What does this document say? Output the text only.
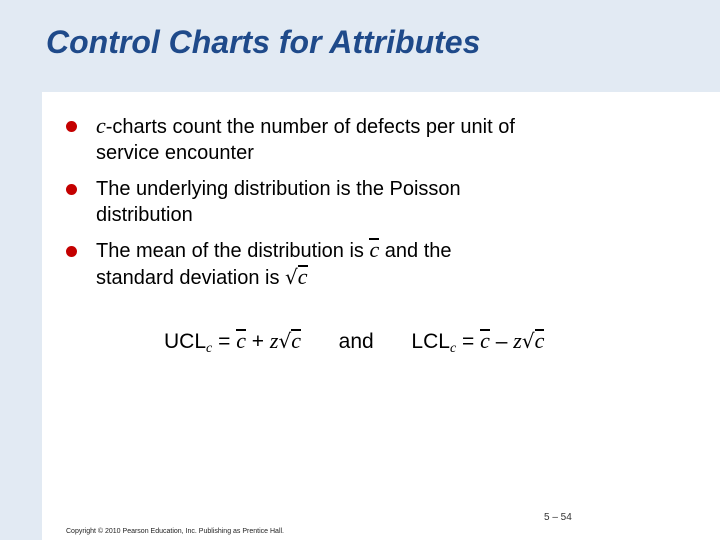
Control Charts for Attributes
c-charts count the number of defects per unit of
service encounter
The underlying distribution is the Poisson
distribution
The mean of the distribution is c and the
standard deviation is √c
$UCL_c = c + z√c$ and $LCL_c = c - z√c$
5 – 54
Copyright © 2010 Pearson Education, Inc. Publishing as Prentice Hall.
